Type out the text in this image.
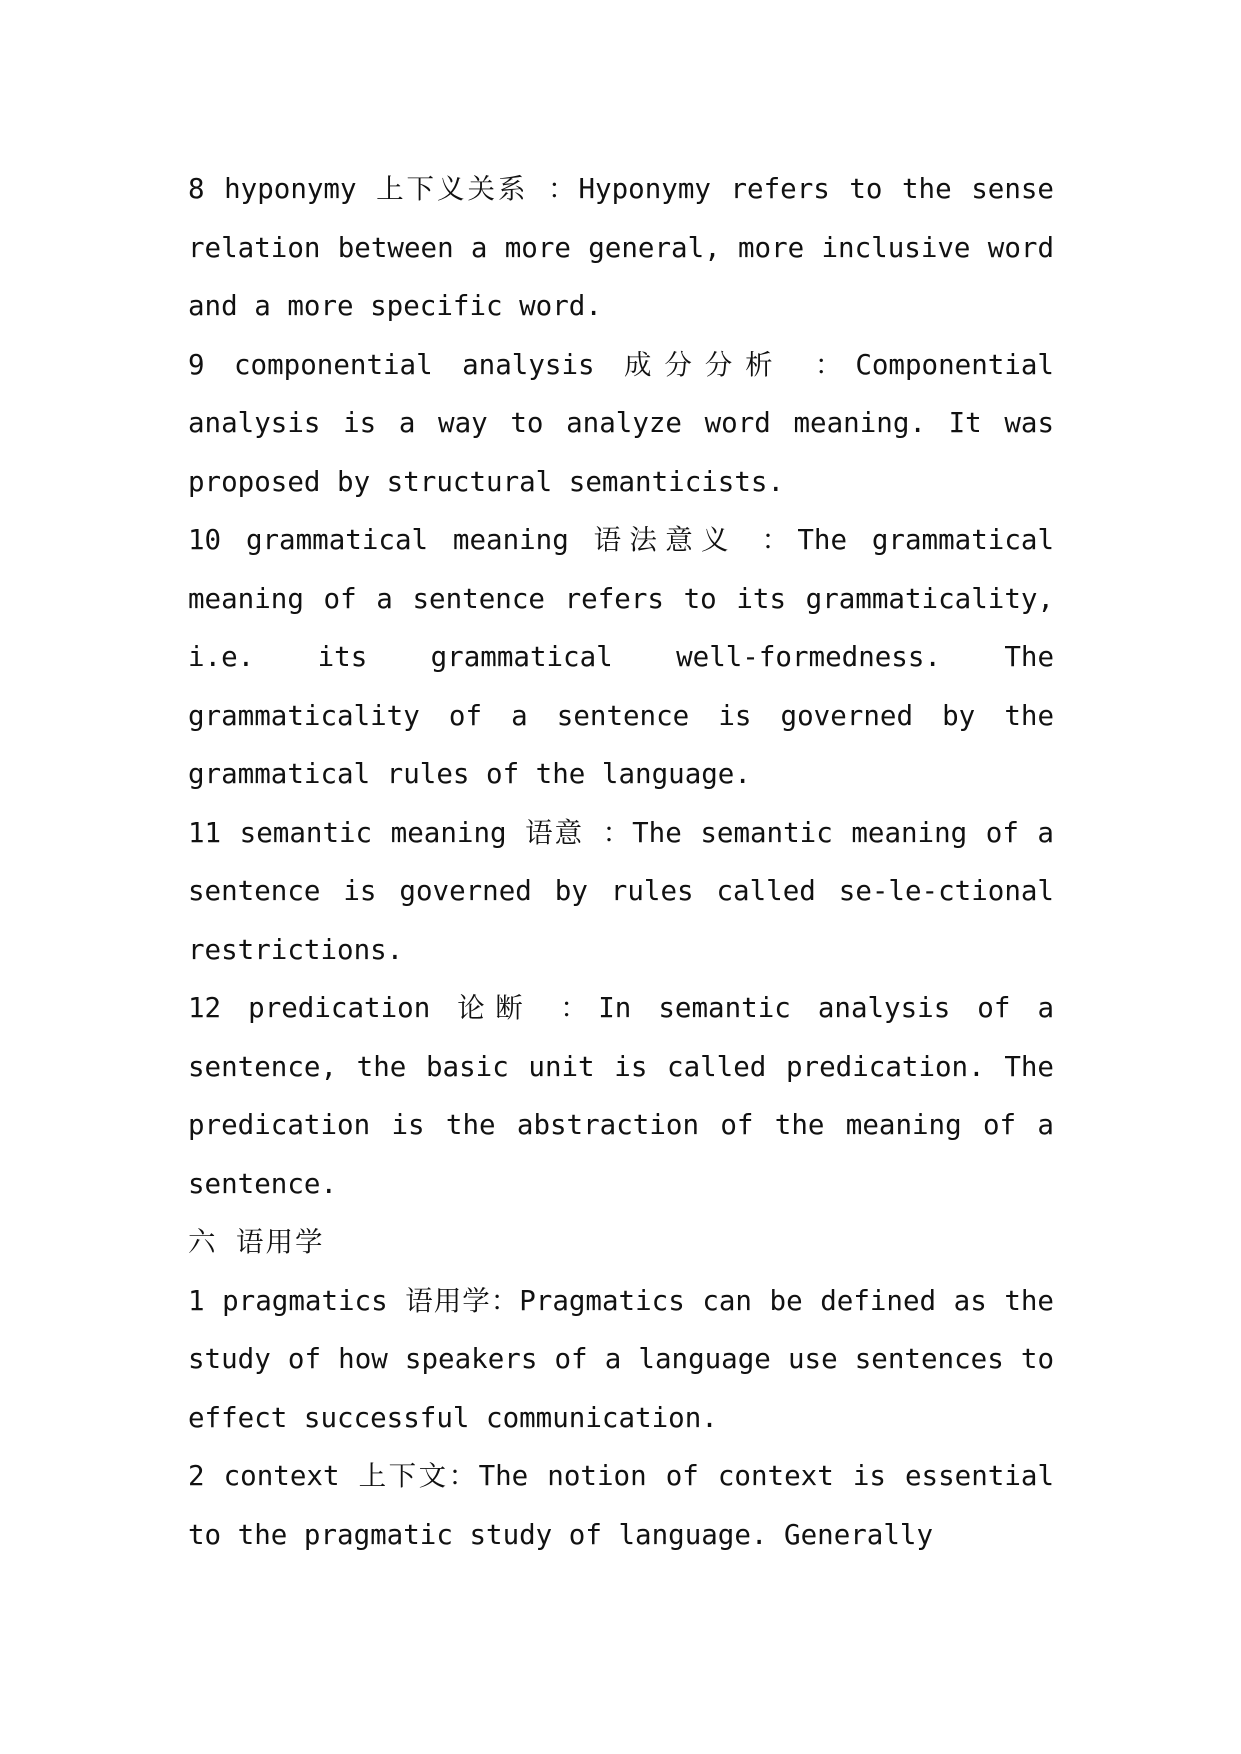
8 hyponymy 上下义关系 ：Hyponymy refers to the sense relation between a more general, more inclusive word and a more specific word.

9 componential analysis 成分分析 ：Componential analysis is a way to analyze word meaning. It was proposed by structural semanticists.

10 grammatical meaning 语法意义 ：The grammatical meaning of a sentence refers to its grammaticality, i.e. its grammatical well-formedness. The grammaticality of a sentence is governed by the grammatical rules of the language.

11 semantic meaning 语意 ：The semantic meaning of a sentence is governed by rules called se-le-ctional restrictions.

12 predication 论断 ：In semantic analysis of a sentence, the basic unit is called predication. The predication is the abstraction of the meaning of a sentence.

六 语用学

1 pragmatics 语用学：Pragmatics can be defined as the study of how speakers of a language use sentences to effect successful communication.

2 context 上下文：The notion of context is essential to the pragmatic study of language. Generally
